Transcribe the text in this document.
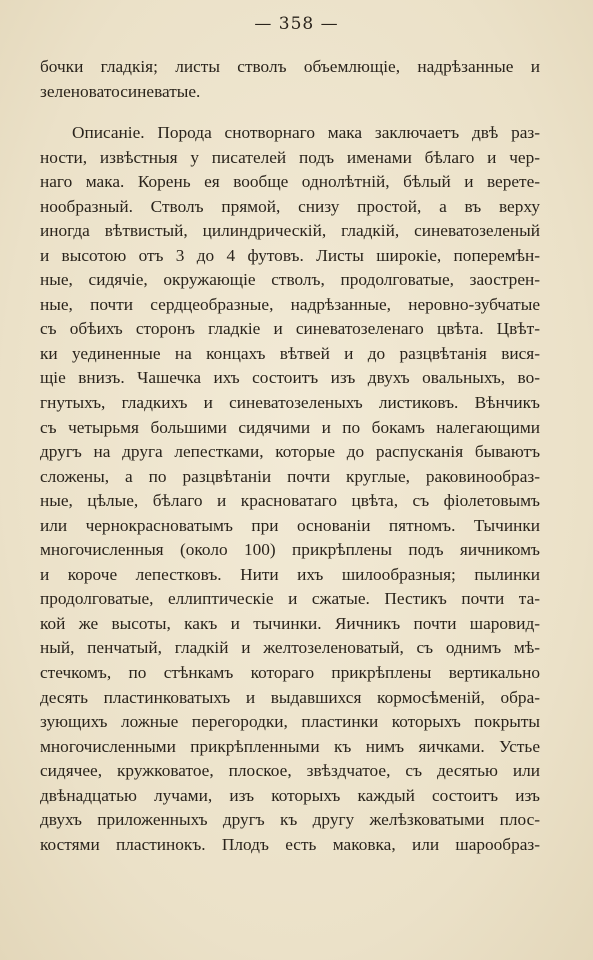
— 358 —
бочки гладкія; листы стволъ объемлющіе, надрѣзанные и
зеленоватосиневатые.
Описаніе. Порода снотворнаго мака заключаетъ двѣ раз-
ности, извѣстныя у писателей подъ именами бѣлаго и чер-
наго мака. Корень ея вообще однолѣтній, бѣлый и верете-
нообразный. Стволъ прямой, снизу простой, а въ верху
иногда вѣтвистый, цилиндрическій, гладкій, синеватозеленый
и высотою отъ 3 до 4 футовъ. Листы широкіе, поперемѣн-
ные, сидячіе, окружающіе стволъ, продолговатые, заострен-
ные, почти сердцеобразные, надрѣзанные, неровно-зубчатые
съ обѣихъ сторонъ гладкіе и синеватозеленаго цвѣта. Цвѣт-
ки уединенные на концахъ вѣтвей и до разцвѣтанія вися-
щіе внизъ. Чашечка ихъ состоитъ изъ двухъ овальныхъ, во-
гнутыхъ, гладкихъ и синеватозеленыхъ листиковъ. Вѣнчикъ
съ четырьмя большими сидячими и по бокамъ налегающими
другъ на друга лепестками, которые до распусканія бываютъ
сложены, а по разцвѣтаніи почти круглые, раковинообраз-
ные, цѣлые, бѣлаго и красноватаго цвѣта, съ фіолетовымъ
или чернокрасноватымъ при основаніи пятномъ. Тычинки
многочисленныя (около 100) прикрѣплены подъ яичникомъ
и короче лепестковъ. Нити ихъ шилообразныя; пылинки
продолговатые, еллиптическіе и сжатые. Пестикъ почти та-
кой же высоты, какъ и тычинки. Яичникъ почти шаровид-
ный, пенчатый, гладкій и желтозеленоватый, съ однимъ мѣ-
стечкомъ, по стѣнкамъ котораго прикрѣплены вертикально
десять пластинковатыхъ и выдавшихся кормосѣменій, обра-
зующихъ ложные перегородки, пластинки которыхъ покрыты
многочисленными прикрѣпленными къ нимъ яичками. Устье
сидячее, кружковатое, плоское, звѣздчатое, съ десятью или
двѣнадцатью лучами, изъ которыхъ каждый состоитъ изъ
двухъ приложенныхъ другъ къ другу желѣзковатыми плос-
костями пластинокъ. Плодъ есть маковка, или шарообраз-
